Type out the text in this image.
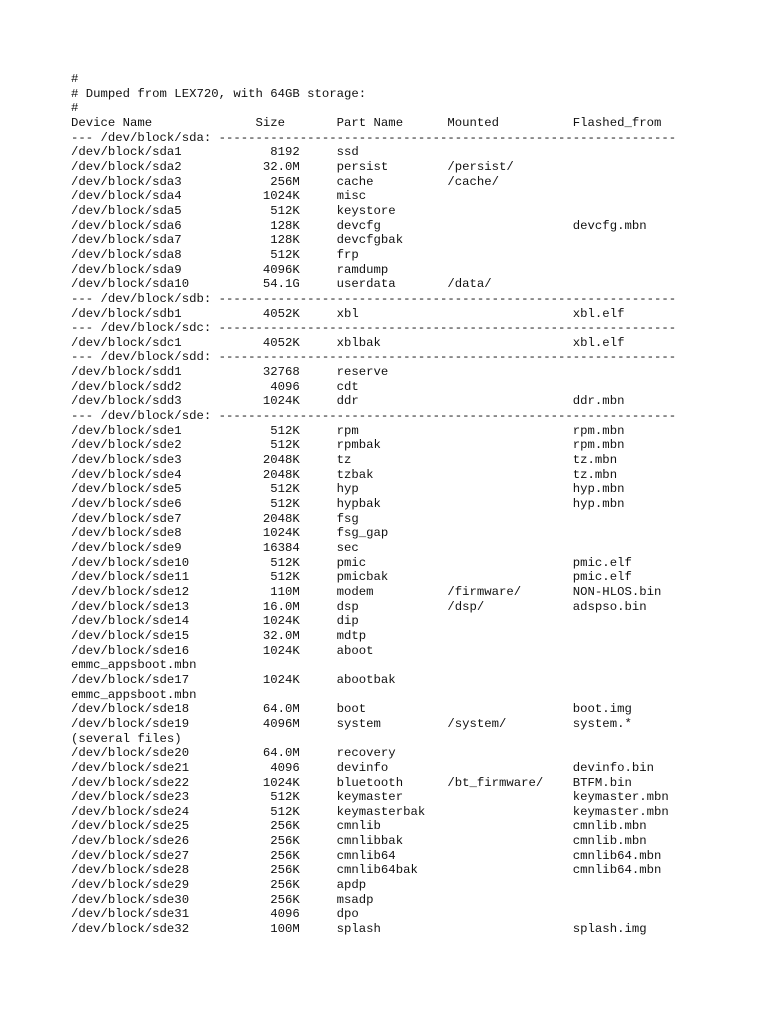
#
# Dumped from LEX720, with 64GB storage:
#
Device Name              Size       Part Name      Mounted          Flashed_from
--- /dev/block/sda: --------------------------------------------------------------
/dev/block/sda1            8192     ssd
/dev/block/sda2           32.0M     persist        /persist/
/dev/block/sda3            256M     cache          /cache/
/dev/block/sda4           1024K     misc
/dev/block/sda5            512K     keystore
/dev/block/sda6            128K     devcfg                          devcfg.mbn
/dev/block/sda7            128K     devcfgbak
/dev/block/sda8            512K     frp
/dev/block/sda9           4096K     ramdump
/dev/block/sda10          54.1G     userdata       /data/
--- /dev/block/sdb: --------------------------------------------------------------
/dev/block/sdb1           4052K     xbl                             xbl.elf
--- /dev/block/sdc: --------------------------------------------------------------
/dev/block/sdc1           4052K     xblbak                          xbl.elf
--- /dev/block/sdd: --------------------------------------------------------------
/dev/block/sdd1           32768     reserve
/dev/block/sdd2            4096     cdt
/dev/block/sdd3           1024K     ddr                             ddr.mbn
--- /dev/block/sde: --------------------------------------------------------------
/dev/block/sde1            512K     rpm                             rpm.mbn
/dev/block/sde2            512K     rpmbak                          rpm.mbn
/dev/block/sde3           2048K     tz                              tz.mbn
/dev/block/sde4           2048K     tzbak                           tz.mbn
/dev/block/sde5            512K     hyp                             hyp.mbn
/dev/block/sde6            512K     hypbak                          hyp.mbn
/dev/block/sde7           2048K     fsg
/dev/block/sde8           1024K     fsg_gap
/dev/block/sde9           16384     sec
/dev/block/sde10           512K     pmic                            pmic.elf
/dev/block/sde11           512K     pmicbak                         pmic.elf
/dev/block/sde12           110M     modem          /firmware/       NON-HLOS.bin
/dev/block/sde13          16.0M     dsp            /dsp/            adspso.bin
/dev/block/sde14          1024K     dip
/dev/block/sde15          32.0M     mdtp
/dev/block/sde16          1024K     aboot
emmc_appsboot.mbn
/dev/block/sde17          1024K     abootbak
emmc_appsboot.mbn
/dev/block/sde18          64.0M     boot                            boot.img
/dev/block/sde19          4096M     system         /system/         system.*
(several files)
/dev/block/sde20          64.0M     recovery
/dev/block/sde21           4096     devinfo                         devinfo.bin
/dev/block/sde22          1024K     bluetooth      /bt_firmware/    BTFM.bin
/dev/block/sde23           512K     keymaster                       keymaster.mbn
/dev/block/sde24           512K     keymasterbak                    keymaster.mbn
/dev/block/sde25           256K     cmnlib                          cmnlib.mbn
/dev/block/sde26           256K     cmnlibbak                       cmnlib.mbn
/dev/block/sde27           256K     cmnlib64                        cmnlib64.mbn
/dev/block/sde28           256K     cmnlib64bak                     cmnlib64.mbn
/dev/block/sde29           256K     apdp
/dev/block/sde30           256K     msadp
/dev/block/sde31           4096     dpo
/dev/block/sde32           100M     splash                          splash.img
